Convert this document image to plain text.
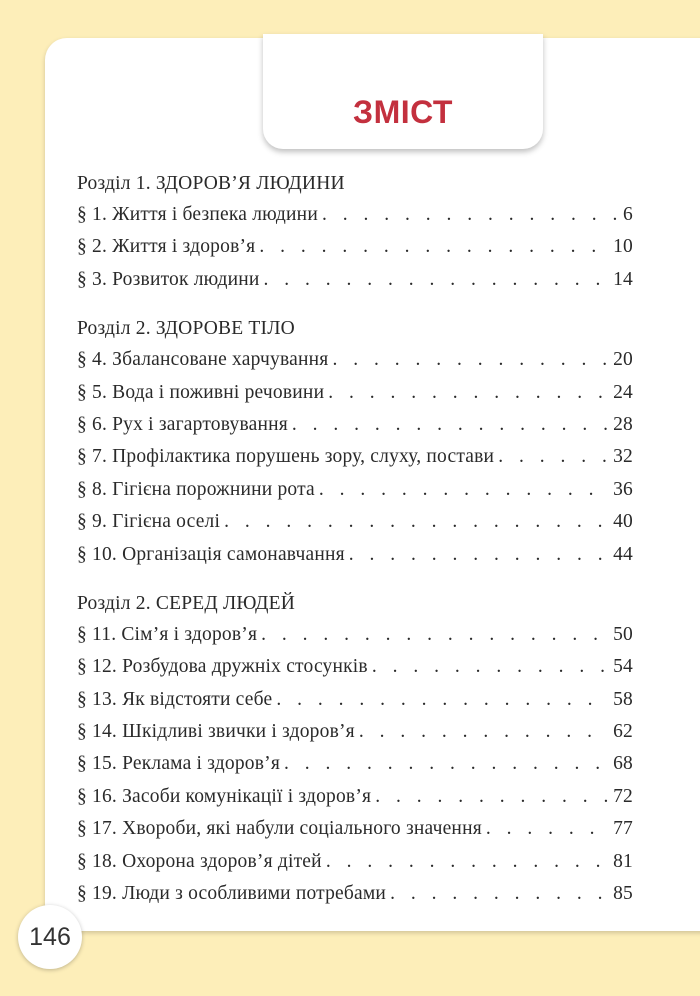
ЗМІСТ
Розділ 1. ЗДОРОВ’Я ЛЮДИНИ
§ 1. Життя і безпека людини . . .	6
§ 2. Життя і здоров’я . . .	10
§ 3. Розвиток людини . . .	14
Розділ 2. ЗДОРОВЕ ТІЛО
§ 4. Збалансоване харчування . . .	20
§ 5. Вода і поживні речовини . . .	24
§ 6. Рух і загартовування . . .	28
§ 7. Профілактика порушень зору, слуху, постави . . .	32
§ 8. Гігієна порожнини рота . . .	36
§ 9. Гігієна оселі . . .	40
§ 10. Організація самонавчання . . .	44
Розділ 2. СЕРЕД ЛЮДЕЙ
§ 11. Сім’я і здоров’я . . .	50
§ 12. Розбудова дружніх стосунків . . .	54
§ 13. Як відстояти себе . . .	58
§ 14. Шкідливі звички і здоров’я . . .	62
§ 15. Реклама і здоров’я . . .	68
§ 16. Засоби комунікації і здоров’я . . .	72
§ 17. Хвороби, які набули соціального значення . . .	77
§ 18. Охорона здоров’я дітей . . .	81
§ 19. Люди з особливими потребами . . .	85
146
